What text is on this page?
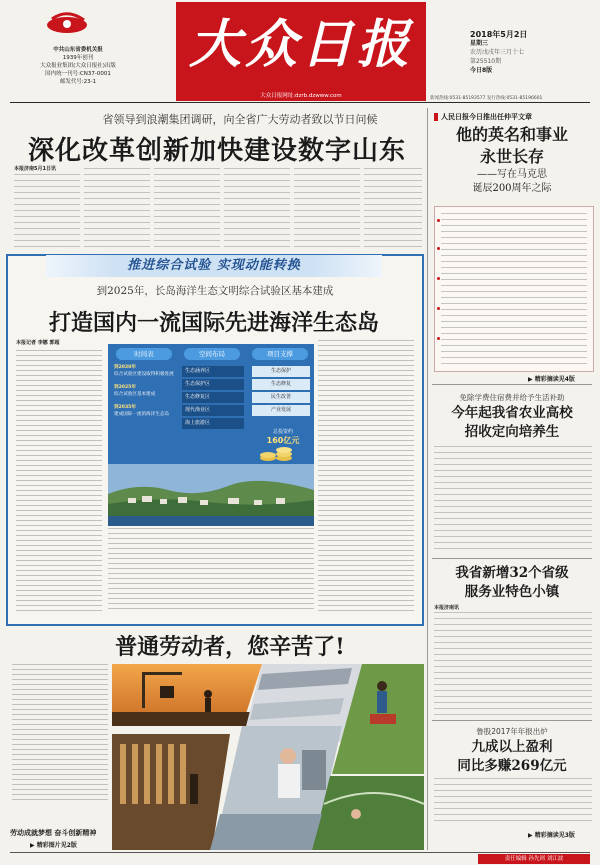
中共山东省委机关报
1939年创刊
大众报业集团(大众日报社)出版
国内统一刊号:CN37-0001
邮发代号:23-1
大众日报
大众日报网址:dzrb.dzwww.com
2018年5月2日
星期三
农历戊戌年三月十七
第25510期
今日8版
新闻热线:0531-85193577 发行热线:0531-85196601
省领导到浪潮集团调研，向全省广大劳动者致以节日问候
深化改革创新加快建设数字山东
本报济南5月1日讯
推进综合试验 实现动能转换
到2025年，长岛海洋生态文明综合试验区基本建成
打造国内一流国际先进海洋生态岛
本报记者 李娜 郭超
时间表	空间布局	项目支撑
到2020年
综合试验区建设取得积极进展
到2025年
综合试验区基本建成
到2035年
建成国际一流的海洋生态岛
生态涵养区
生态保护区
生态修复区
现代渔业区
海上旅游区
生态保护
生态修复
民生改善
产业发展
总投资约
160亿元
人民日报今日推出任仲平文章
他的英名和事业
永世长存
——写在马克思
诞辰200周年之际
▶ 精彩摘读见4版
免除学费住宿费并给予生活补助
今年起我省农业高校
招收定向培养生
我省新增32个省级
服务业特色小镇
本报济南讯
鲁股2017年年报出炉
九成以上盈利
同比多赚269亿元
▶ 精彩摘读见3版
普通劳动者，您辛苦了!
劳动成就梦想 奋斗创新精神
▶ 精彩图片见2版
责任编辑 孙先则 刘江波
